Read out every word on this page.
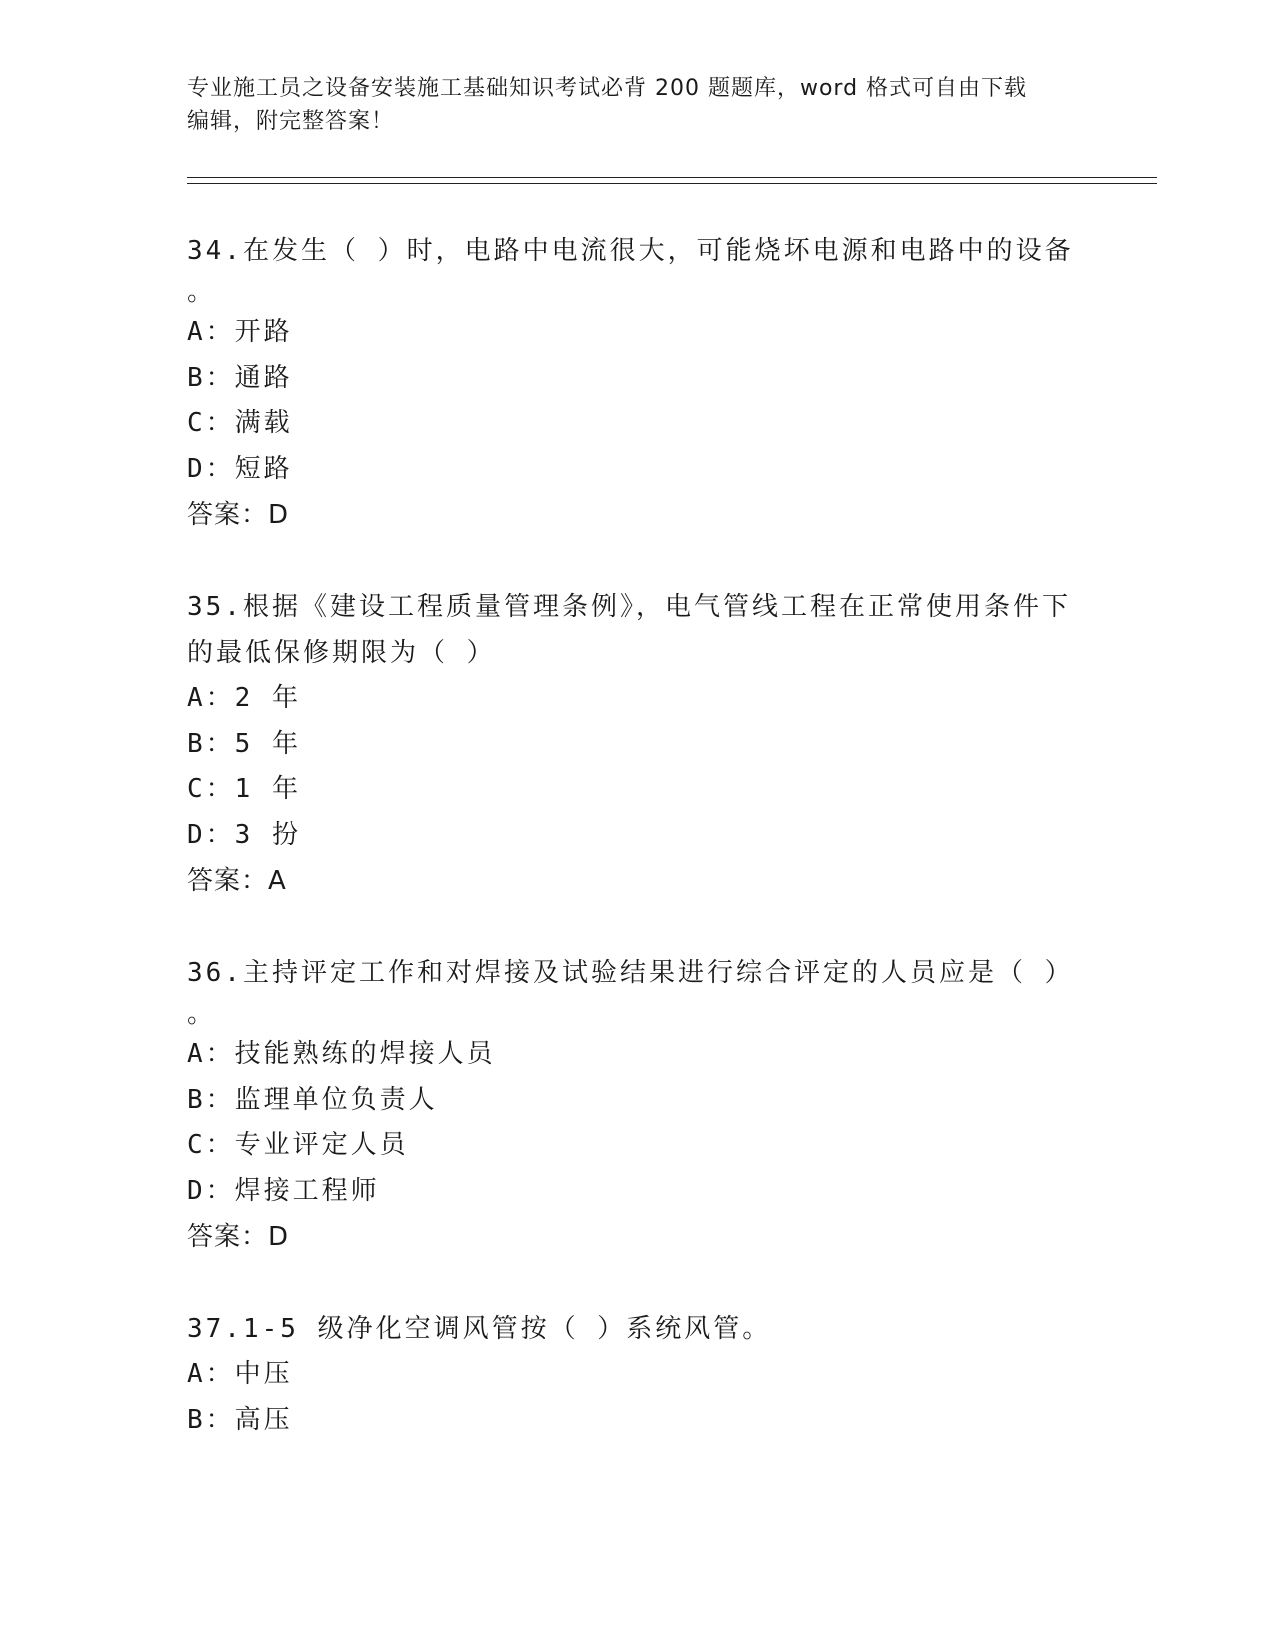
专业施工员之设备安装施工基础知识考试必背 200 题题库，word 格式可自由下载
编辑，附完整答案！

34.在发生（ ）时，电路中电流很大，可能烧坏电源和电路中的设备

。
A：开路
B：通路
C：满载
D：短路
答案：D

35.根据《建设工程质量管理条例》，电气管线工程在正常使用条件下的最低保修期限为（ ）

A：2 年
B：5 年
C：1 年
D：3 扮
答案：A

36.主持评定工作和对焊接及试验结果进行综合评定的人员应是（ ）

。
A：技能熟练的焊接人员
B：监理单位负责人
C：专业评定人员
D：焊接工程师
答案：D

37.1-5 级净化空调风管按（ ）系统风管。

A：中压
B：高压
